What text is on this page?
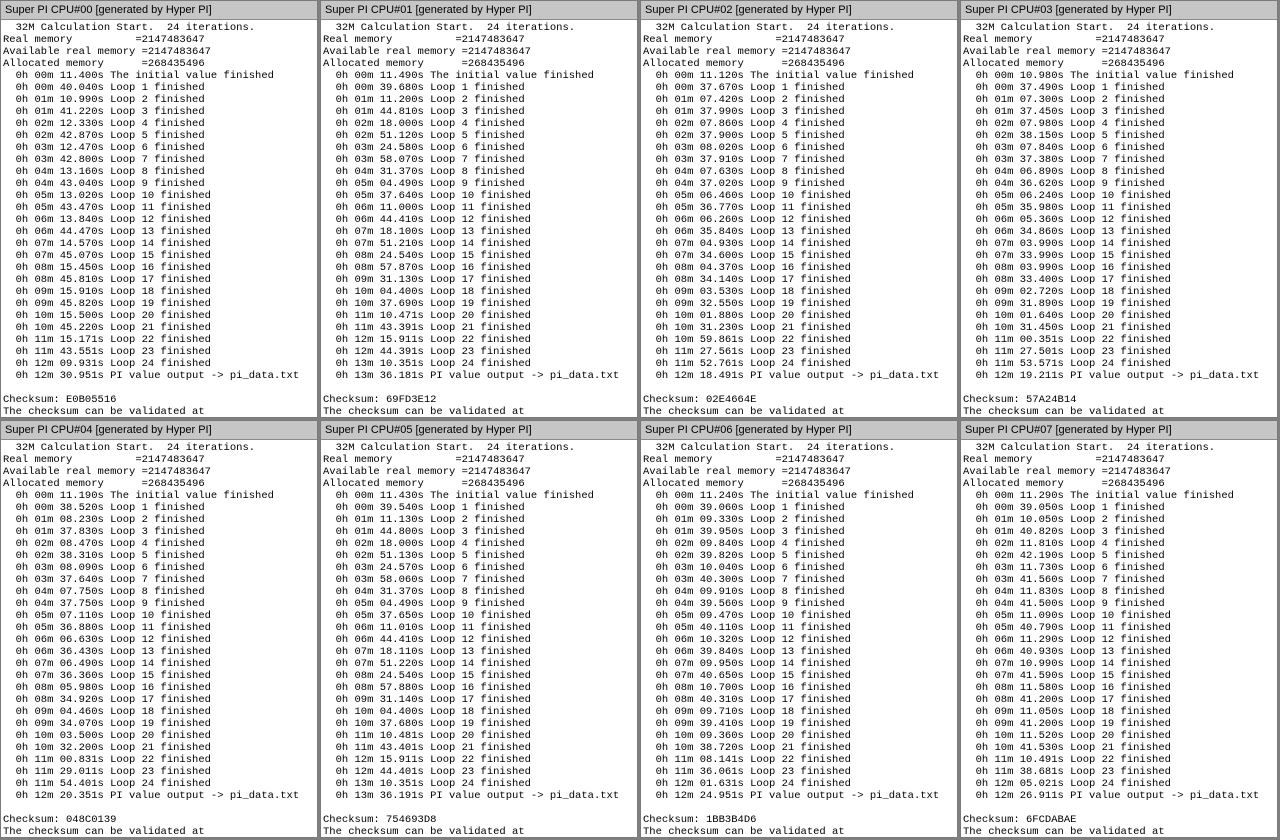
Super PI CPU#00 [generated by Hyper PI]
32M Calculation Start.  24 iterations.
Real memory          =2147483647
Available real memory =2147483647
Allocated memory      =268435496
0h 00m 11.400s The initial value finished
0h 00m 40.040s Loop 1 finished
0h 01m 10.990s Loop 2 finished
0h 01m 41.220s Loop 3 finished
0h 02m 12.330s Loop 4 finished
0h 02m 42.870s Loop 5 finished
0h 03m 12.470s Loop 6 finished
0h 03m 42.800s Loop 7 finished
0h 04m 13.160s Loop 8 finished
0h 04m 43.040s Loop 9 finished
0h 05m 13.020s Loop 10 finished
0h 05m 43.470s Loop 11 finished
0h 06m 13.840s Loop 12 finished
0h 06m 44.470s Loop 13 finished
0h 07m 14.570s Loop 14 finished
0h 07m 45.070s Loop 15 finished
0h 08m 15.450s Loop 16 finished
0h 08m 45.810s Loop 17 finished
0h 09m 15.910s Loop 18 finished
0h 09m 45.820s Loop 19 finished
0h 10m 15.500s Loop 20 finished
0h 10m 45.220s Loop 21 finished
0h 11m 15.171s Loop 22 finished
0h 11m 43.551s Loop 23 finished
0h 12m 09.931s Loop 24 finished
0h 12m 30.951s PI value output -> pi_data.txt

Checksum: E0B05516
The checksum can be validated at
Super PI CPU#01 [generated by Hyper PI]
32M Calculation Start.  24 iterations.
Real memory          =2147483647
Available real memory =2147483647
Allocated memory      =268435496
0h 00m 11.490s The initial value finished
0h 00m 39.680s Loop 1 finished
0h 01m 11.200s Loop 2 finished
0h 01m 44.810s Loop 3 finished
0h 02m 18.000s Loop 4 finished
0h 02m 51.120s Loop 5 finished
0h 03m 24.580s Loop 6 finished
0h 03m 58.070s Loop 7 finished
0h 04m 31.370s Loop 8 finished
0h 05m 04.490s Loop 9 finished
0h 05m 37.640s Loop 10 finished
0h 06m 11.000s Loop 11 finished
0h 06m 44.410s Loop 12 finished
0h 07m 18.100s Loop 13 finished
0h 07m 51.210s Loop 14 finished
0h 08m 24.540s Loop 15 finished
0h 08m 57.870s Loop 16 finished
0h 09m 31.130s Loop 17 finished
0h 10m 04.400s Loop 18 finished
0h 10m 37.690s Loop 19 finished
0h 11m 10.471s Loop 20 finished
0h 11m 43.391s Loop 21 finished
0h 12m 15.911s Loop 22 finished
0h 12m 44.391s Loop 23 finished
0h 13m 10.351s Loop 24 finished
0h 13m 36.181s PI value output -> pi_data.txt

Checksum: 69FD3E12
The checksum can be validated at
Super PI CPU#02 [generated by Hyper PI]
32M Calculation Start.  24 iterations.
Real memory          =2147483647
Available real memory =2147483647
Allocated memory      =268435496
0h 00m 11.120s The initial value finished
0h 00m 37.670s Loop 1 finished
0h 01m 07.420s Loop 2 finished
0h 01m 37.990s Loop 3 finished
0h 02m 07.860s Loop 4 finished
0h 02m 37.900s Loop 5 finished
0h 03m 08.020s Loop 6 finished
0h 03m 37.910s Loop 7 finished
0h 04m 07.630s Loop 8 finished
0h 04m 37.020s Loop 9 finished
0h 05m 06.460s Loop 10 finished
0h 05m 36.770s Loop 11 finished
0h 06m 06.260s Loop 12 finished
0h 06m 35.840s Loop 13 finished
0h 07m 04.930s Loop 14 finished
0h 07m 34.600s Loop 15 finished
0h 08m 04.370s Loop 16 finished
0h 08m 34.140s Loop 17 finished
0h 09m 03.530s Loop 18 finished
0h 09m 32.550s Loop 19 finished
0h 10m 01.880s Loop 20 finished
0h 10m 31.230s Loop 21 finished
0h 10m 59.861s Loop 22 finished
0h 11m 27.561s Loop 23 finished
0h 11m 52.761s Loop 24 finished
0h 12m 18.491s PI value output -> pi_data.txt

Checksum: 02E4664E
The checksum can be validated at
Super PI CPU#03 [generated by Hyper PI]
32M Calculation Start.  24 iterations.
Real memory          =2147483647
Available real memory =2147483647
Allocated memory      =268435496
0h 00m 10.980s The initial value finished
0h 00m 37.490s Loop 1 finished
0h 01m 07.300s Loop 2 finished
0h 01m 37.450s Loop 3 finished
0h 02m 07.980s Loop 4 finished
0h 02m 38.150s Loop 5 finished
0h 03m 07.840s Loop 6 finished
0h 03m 37.380s Loop 7 finished
0h 04m 06.890s Loop 8 finished
0h 04m 36.620s Loop 9 finished
0h 05m 06.240s Loop 10 finished
0h 05m 35.980s Loop 11 finished
0h 06m 05.360s Loop 12 finished
0h 06m 34.860s Loop 13 finished
0h 07m 03.990s Loop 14 finished
0h 07m 33.990s Loop 15 finished
0h 08m 03.990s Loop 16 finished
0h 08m 33.400s Loop 17 finished
0h 09m 02.720s Loop 18 finished
0h 09m 31.890s Loop 19 finished
0h 10m 01.640s Loop 20 finished
0h 10m 31.450s Loop 21 finished
0h 11m 00.351s Loop 22 finished
0h 11m 27.501s Loop 23 finished
0h 11m 53.571s Loop 24 finished
0h 12m 19.211s PI value output -> pi_data.txt

Checksum: 57A24B14
The checksum can be validated at
Super PI CPU#04 [generated by Hyper PI]
32M Calculation Start.  24 iterations.
Real memory          =2147483647
Available real memory =2147483647
Allocated memory      =268435496
0h 00m 11.190s The initial value finished
0h 00m 38.520s Loop 1 finished
0h 01m 08.230s Loop 2 finished
0h 01m 37.830s Loop 3 finished
0h 02m 08.470s Loop 4 finished
0h 02m 38.310s Loop 5 finished
0h 03m 08.090s Loop 6 finished
0h 03m 37.640s Loop 7 finished
0h 04m 07.750s Loop 8 finished
0h 04m 37.750s Loop 9 finished
0h 05m 07.110s Loop 10 finished
0h 05m 36.880s Loop 11 finished
0h 06m 06.630s Loop 12 finished
0h 06m 36.430s Loop 13 finished
0h 07m 06.490s Loop 14 finished
0h 07m 36.360s Loop 15 finished
0h 08m 05.980s Loop 16 finished
0h 08m 34.920s Loop 17 finished
0h 09m 04.460s Loop 18 finished
0h 09m 34.070s Loop 19 finished
0h 10m 03.500s Loop 20 finished
0h 10m 32.200s Loop 21 finished
0h 11m 00.831s Loop 22 finished
0h 11m 29.011s Loop 23 finished
0h 11m 54.401s Loop 24 finished
0h 12m 20.351s PI value output -> pi_data.txt

Checksum: 048C0139
The checksum can be validated at
Super PI CPU#05 [generated by Hyper PI]
32M Calculation Start.  24 iterations.
Real memory          =2147483647
Available real memory =2147483647
Allocated memory      =268435496
0h 00m 11.430s The initial value finished
0h 00m 39.540s Loop 1 finished
0h 01m 11.130s Loop 2 finished
0h 01m 44.800s Loop 3 finished
0h 02m 18.000s Loop 4 finished
0h 02m 51.130s Loop 5 finished
0h 03m 24.570s Loop 6 finished
0h 03m 58.060s Loop 7 finished
0h 04m 31.370s Loop 8 finished
0h 05m 04.490s Loop 9 finished
0h 05m 37.650s Loop 10 finished
0h 06m 11.010s Loop 11 finished
0h 06m 44.410s Loop 12 finished
0h 07m 18.110s Loop 13 finished
0h 07m 51.220s Loop 14 finished
0h 08m 24.540s Loop 15 finished
0h 08m 57.880s Loop 16 finished
0h 09m 31.140s Loop 17 finished
0h 10m 04.400s Loop 18 finished
0h 10m 37.680s Loop 19 finished
0h 11m 10.481s Loop 20 finished
0h 11m 43.401s Loop 21 finished
0h 12m 15.911s Loop 22 finished
0h 12m 44.401s Loop 23 finished
0h 13m 10.351s Loop 24 finished
0h 13m 36.191s PI value output -> pi_data.txt

Checksum: 754693D8
The checksum can be validated at
Super PI CPU#06 [generated by Hyper PI]
32M Calculation Start.  24 iterations.
Real memory          =2147483647
Available real memory =2147483647
Allocated memory      =268435496
0h 00m 11.240s The initial value finished
0h 00m 39.060s Loop 1 finished
0h 01m 09.330s Loop 2 finished
0h 01m 39.950s Loop 3 finished
0h 02m 09.840s Loop 4 finished
0h 02m 39.820s Loop 5 finished
0h 03m 10.040s Loop 6 finished
0h 03m 40.300s Loop 7 finished
0h 04m 09.910s Loop 8 finished
0h 04m 39.560s Loop 9 finished
0h 05m 09.470s Loop 10 finished
0h 05m 40.110s Loop 11 finished
0h 06m 10.320s Loop 12 finished
0h 06m 39.840s Loop 13 finished
0h 07m 09.950s Loop 14 finished
0h 07m 40.650s Loop 15 finished
0h 08m 10.700s Loop 16 finished
0h 08m 40.310s Loop 17 finished
0h 09m 09.710s Loop 18 finished
0h 09m 39.410s Loop 19 finished
0h 10m 09.360s Loop 20 finished
0h 10m 38.720s Loop 21 finished
0h 11m 08.141s Loop 22 finished
0h 11m 36.061s Loop 23 finished
0h 12m 01.631s Loop 24 finished
0h 12m 24.951s PI value output -> pi_data.txt

Checksum: 1BB3B4D6
The checksum can be validated at
Super PI CPU#07 [generated by Hyper PI]
32M Calculation Start.  24 iterations.
Real memory          =2147483647
Available real memory =2147483647
Allocated memory      =268435496
0h 00m 11.290s The initial value finished
0h 00m 39.050s Loop 1 finished
0h 01m 10.050s Loop 2 finished
0h 01m 40.820s Loop 3 finished
0h 02m 11.810s Loop 4 finished
0h 02m 42.190s Loop 5 finished
0h 03m 11.730s Loop 6 finished
0h 03m 41.560s Loop 7 finished
0h 04m 11.830s Loop 8 finished
0h 04m 41.500s Loop 9 finished
0h 05m 11.090s Loop 10 finished
0h 05m 40.790s Loop 11 finished
0h 06m 11.290s Loop 12 finished
0h 06m 40.930s Loop 13 finished
0h 07m 10.990s Loop 14 finished
0h 07m 41.590s Loop 15 finished
0h 08m 11.580s Loop 16 finished
0h 08m 41.200s Loop 17 finished
0h 09m 11.050s Loop 18 finished
0h 09m 41.200s Loop 19 finished
0h 10m 11.520s Loop 20 finished
0h 10m 41.530s Loop 21 finished
0h 11m 10.491s Loop 22 finished
0h 11m 38.681s Loop 23 finished
0h 12m 05.021s Loop 24 finished
0h 12m 26.911s PI value output -> pi_data.txt

Checksum: 6FCDABAE
The checksum can be validated at
